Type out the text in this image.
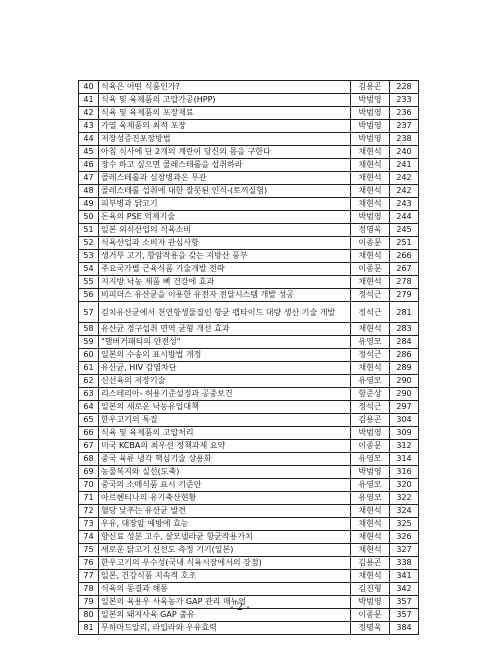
40	식육은 어떤 식품인가?	김용곤	228
41	식육 및 육제품의 고압가공(HPP)	박범영	233
42	식육 및 육제품의 포장재료	박범영	236
43	가열 육제품의 최적 포장	박범영	237
44	저장성증진포장방법	박범영	238
45	아침 식사에 단 2개의 계란이 당신의 몸을 구한다	채현석	240
46	장수 하고 싶으면 콜레스테롤을 섭취하라	채현석	241
47	콜레스테롤과 심장병과은 무관	채현석	242
48	콜레스테롤 섭취에 대한 잘못된 인식-(토끼실험)	채현석	242
49	피부병과 닭고기	채현석	243
50	돈육의 PSE 억제기술	박범영	244
51	일본 외식산업의 식육소비	정명욱	245
52	식육산업과 소비자 관심사항	이종문	251
53	생거부 고기, 항암작용을 갖는 지방산 풍부	채현석	266
54	주요국가별 근육식품 기술개발 전략	이종문	267
55	지지방 낙농 제품 뼈 건강에 효과	채현석	278
56	비피더스 유산균을 이용한 유전자 전달시스템 개발 성공	정석근	279
57	김치유산균에서 천연항생물질인 항균 펩타이드 대량 생산 기술 개발	정석근	281
58	유산균 경구섭취 면역 균형 개선 효과	채현석	283
59	"햄버거패티의 안전성"	유영모	284
60	일본의 수송의 표시방법 개정	정석근	286
61	유산균, HIV 감염차단	채현석	289
62	신선육의 저장기술	유영모	290
63	리스테리아- 허용기준설정과 공중보건	함준상	290
64	일본의 새로운 낙농유업대책	정석근	297
65	한우고기의 특질	김용곤	304
66	식육 및 육제품의 고압처리	박범영	309
67	미국 KCBA의 최우선 정책과제 요약	이종문	312
68	중국 육류 냉각 핵심기술 상용화	유영모	314
69	농물복지와 실선(도축)	박범영	316
70	중국의 소매식품 표시 기준안	유영모	320
71	아르헨티나의 유기축산현황	유영모	322
72	혈당 낮추는 유산균 발견	채현석	324
73	우유, 대장암 예방에 효능	채현석	325
74	향신료 성분 고수, 살모넬라균 항균작용가치	채현석	326
75	새로운 닭고기 신선도 측정 기기(일본)	채현석	327
76	한우고기의 우수성(국내 식육시장에서의 강점)	김용곤	338
77	일본, 건강식품 지속적 호조	채현석	341
78	식육의 동결과 해동	김진형	342
79	일본의 육용우 사육농가 GAP 관리 매뉴얼	박범영	357
80	일본의 돼지사육 GAP 출유	이종문	357
81	무하마드알리, 라입라와 우유효력	정명욱	384
- 2 -
